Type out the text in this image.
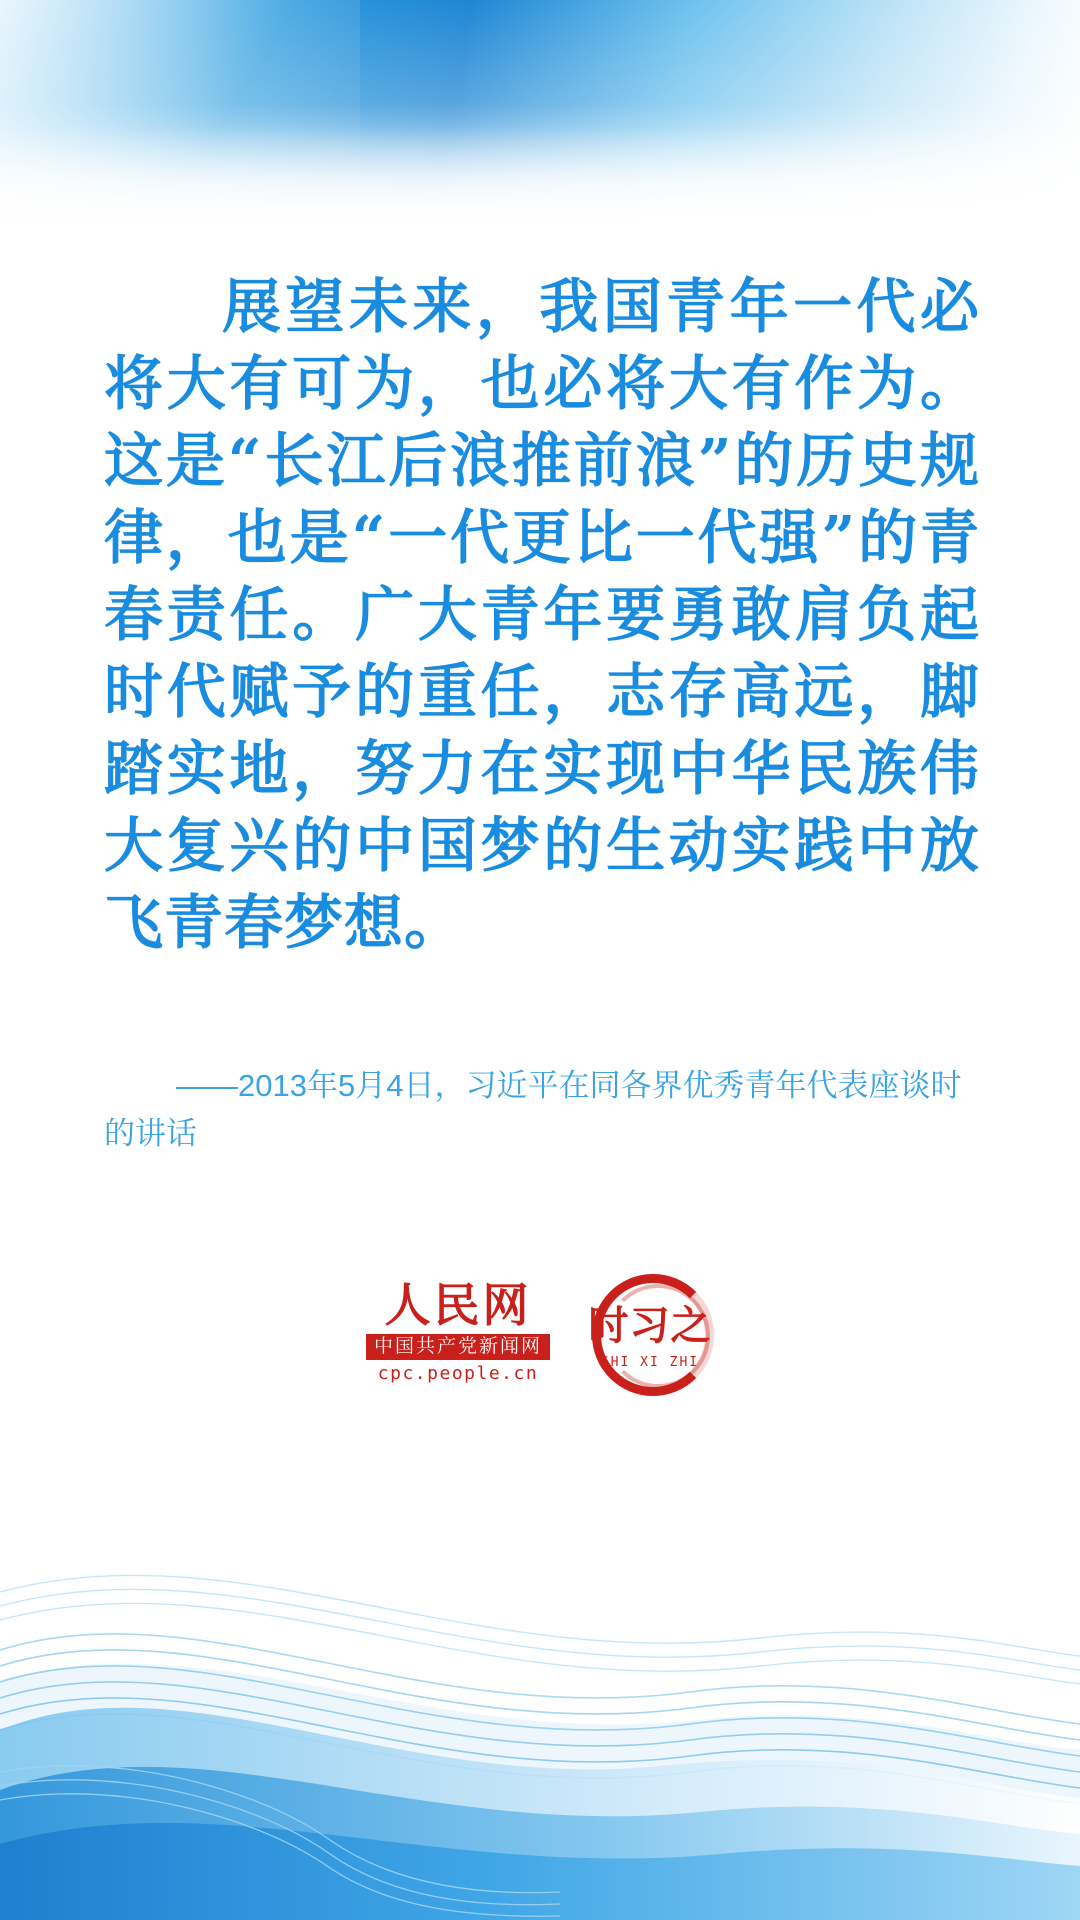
展望未来，我国青年一代必将大有可为，也必将大有作为。这是“长江后浪推前浪”的历史规律，也是“一代更比一代强”的青春责任。广大青年要勇敢肩负起时代赋予的重任，志存高远，脚踏实地，努力在实现中华民族伟大复兴的中国梦的生动实践中放飞青春梦想。
——2013年5月4日，习近平在同各界优秀青年代表座谈时的讲话
人民网
中国共产党新闻网
cpc.people.cn
时习之
SHI XI ZHI
